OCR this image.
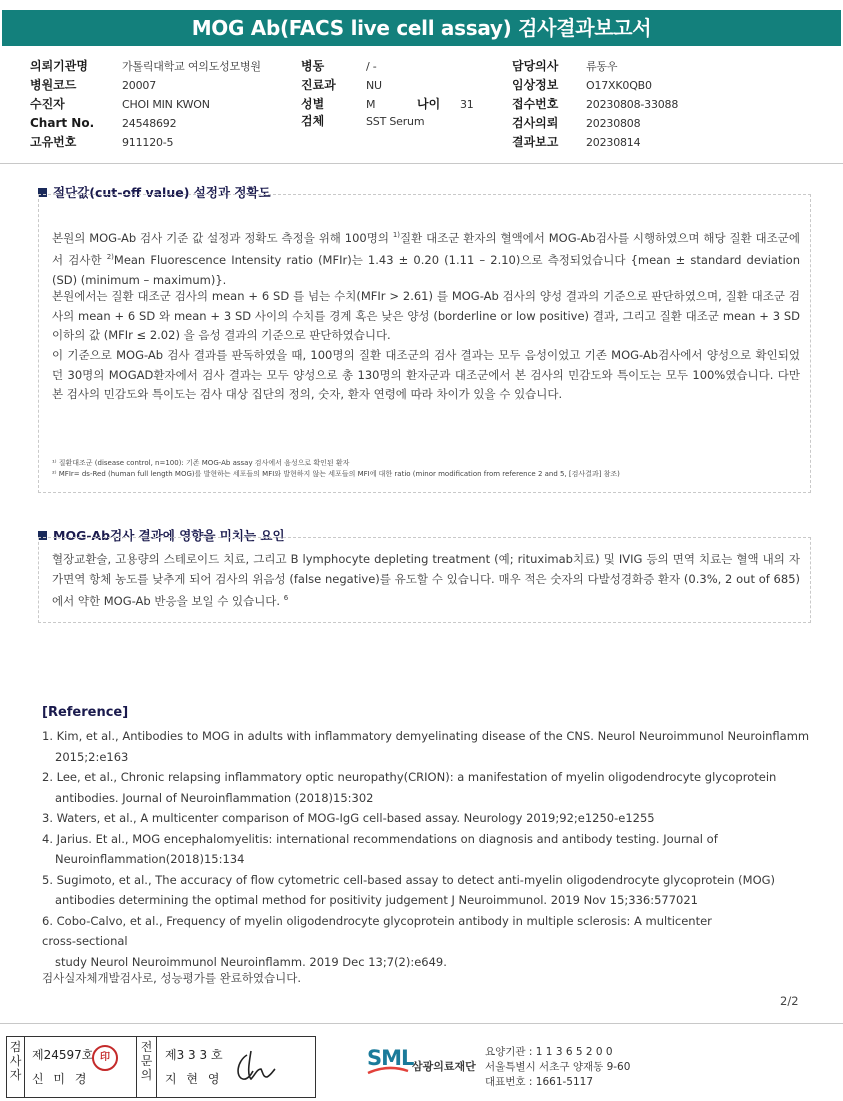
MOG Ab(FACS live cell assay) 검사결과보고서
의뢰기관명	가톨릭대학교 여의도성모병원	병동	/ -	담당의사	류동우
병원코드	20007	진료과	NU	임상정보	O17XK0QB0
수진자	CHOI MIN KWON	성별	M	나이 31	접수번호	20230808-33088
Chart No.	24548692	검체	SST Serum	검사의뢰	20230808
고유번호	911120-5	결과보고	20230814
절단값(cut-off value) 설정과 정확도
본원의 MOG-Ab 검사 기준 값 설정과 정확도 측정을 위해 100명의 $^{1)}$질환 대조군 환자의 혈액에서 MOG-Ab검사를 시행하였으며 해당 질환 대조군에서 검사한 $^{2)}$Mean Fluorescence Intensity ratio (MFIr)는 1.43 ± 0.20 (1.11 – 2.10)으로 측정되었습니다 {mean ± standard deviation (SD) (minimum – maximum)}.
본원에서는 질환 대조군 검사의 mean + 6 SD 를 넘는 수치(MFIr > 2.61) 를 MOG-Ab 검사의 양성 결과의 기준으로 판단하였으며, 질환 대조군 검사의 mean + 6 SD 와 mean + 3 SD 사이의 수치를 경계 혹은 낮은 양성 (borderline or low positive) 결과, 그리고 질환 대조군 mean + 3 SD 이하의 값 (MFIr ≤ 2.02) 을 음성 결과의 기준으로 판단하였습니다.
이 기준으로 MOG-Ab 검사 결과를 판독하였을 때, 100명의 질환 대조군의 검사 결과는 모두 음성이었고 기존 MOG-Ab검사에서 양성으로 확인되었던 30명의 MOGAD환자에서 검사 결과는 모두 양성으로 총 130명의 환자군과 대조군에서 본 검사의 민감도와 특이도는 모두 100%였습니다. 다만 본 검사의 민감도와 특이도는 검사 대상 집단의 정의, 숫자, 환자 연령에 따라 차이가 있을 수 있습니다.

¹⁾ 질환대조군 (disease control, n=100): 기존 MOG-Ab assay 검사에서 음성으로 확인된 환자

²⁾ MFIr= ds-Red (human full length MOG)를 발현하는 세포들의 MFI와 발현하지 않는 세포들의 MFI에 대한 ratio (minor modification from reference 2 and 5, [검사결과] 참조)

MOG-Ab검사 결과에 영향을 미치는 요인
혈장교환술, 고용량의 스테로이드 치료, 그리고 B lymphocyte depleting treatment (예; rituximab치료) 및 IVIG 등의 면역 치료는 혈액 내의 자가면역 항체 농도를 낮추게 되어 검사의 위음성 (false negative)를 유도할 수 있습니다. 매우 적은 숫자의 다발성경화증 환자 (0.3%, 2 out of 685)에서 약한 MOG-Ab 반응을 보일 수 있습니다. $^6$
[Reference]
1. Kim, et al., Antibodies to MOG in adults with inflammatory demyelinating disease of the CNS. Neurol Neuroimmunol Neuroinflamm 2015;2:e163
2. Lee, et al., Chronic relapsing inflammatory optic neuropathy(CRION): a manifestation of myelin oligodendrocyte glycoprotein antibodies. Journal of Neuroinflammation (2018)15:302
3. Waters, et al., A multicenter comparison of MOG-IgG cell-based assay. Neurology 2019;92;e1250-e1255
4. Jarius. Et al., MOG encephalomyelitis: international recommendations on diagnosis and antibody testing. Journal of Neuroinflammation(2018)15:134
5. Sugimoto, et al., The accuracy of flow cytometric cell-based assay to detect anti-myelin oligodendrocyte glycoprotein (MOG) antibodies determining the optimal method for positivity judgement J Neuroimmunol. 2019 Nov 15;336:577021
6. Cobo-Calvo, et al., Frequency of myelin oligodendrocyte glycoprotein antibody in multiple sclerosis: A multicenter
cross-sectional
study Neurol Neuroimmunol Neuroinflamm. 2019 Dec 13;7(2):e649.
검사실자체개발검사로, 성능평가를 완료하였습니다.
2/2
검사자
전문의
제24597호
신 미 경
제3 3 3 호
지 현 영
印	SML
삼광의료재단
요양기관 : 1 1 3 6 5 2 0 0
서울특별시 서초구 양재동 9-60
대표번호 : 1661-5117
